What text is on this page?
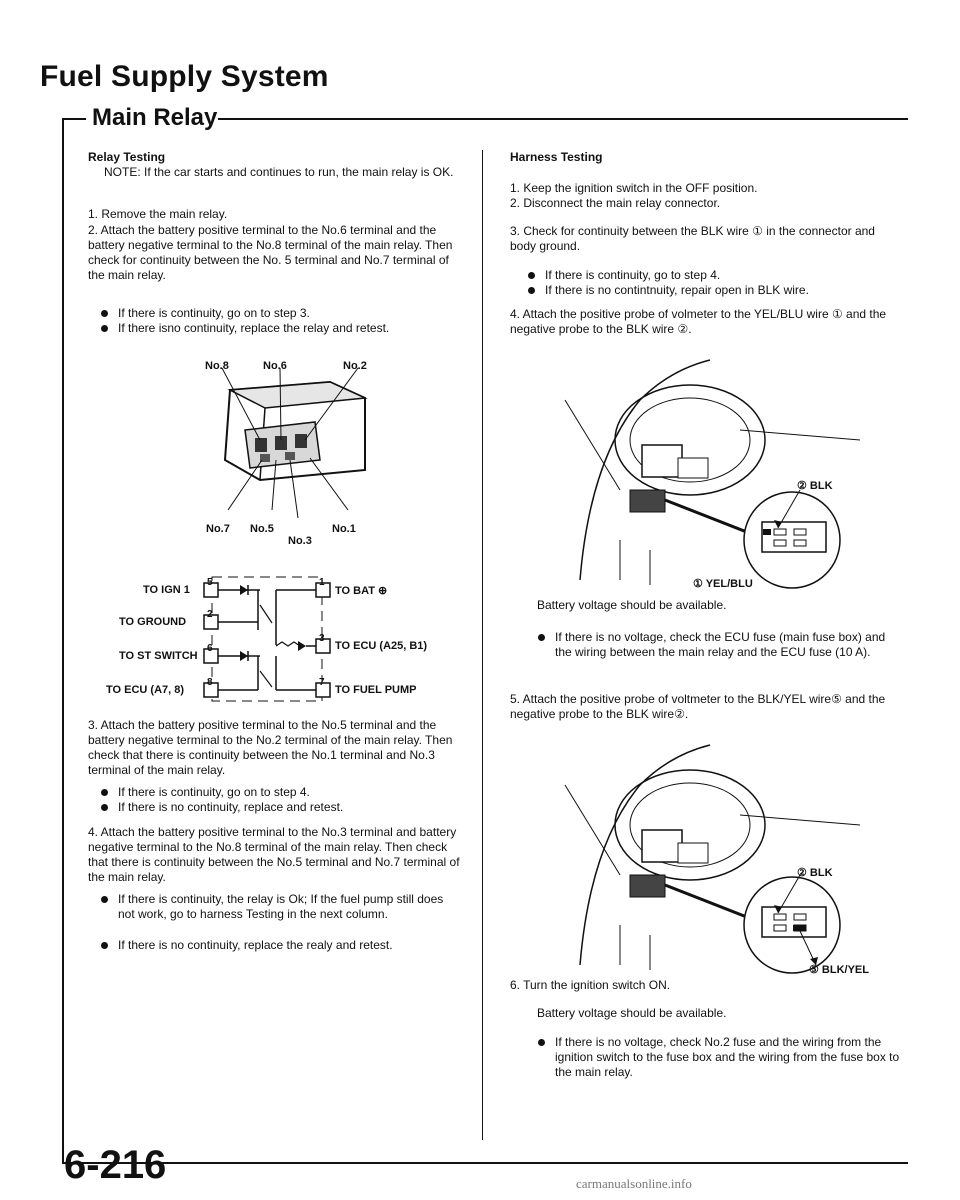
Fuel Supply System
Main Relay
Relay Testing
NOTE: If the car starts and continues to run, the main relay is OK.
1. Remove the main relay.
2. Attach the battery positive terminal to the No.6 terminal and the battery negative terminal to the No.8 terminal of the main relay. Then check for continuity between the No. 5 terminal and No.7 terminal of the main relay.
If there is continuity, go on to step 3.
If there isno continuity, replace the relay and retest.
No.8	No.6	No.2
No.7 No.5	No.1
No.3
5
2
6
8
1
3
7
TO IGN 1
TO GROUND
TO ST SWITCH
TO ECU (A7, 8)
TO BAT ⊕
TO ECU (A25, B1)
TO FUEL PUMP
3. Attach the battery positive terminal to the No.5 terminal and the battery negative terminal to the No.2 terminal of the main relay. Then check that there is continuity between the No.1 terminal and No.3 terminal of the main relay.
If there is continuity, go on to step 4.
If there is no continuity, replace and retest.
4. Attach the battery positive terminal to the No.3 terminal and battery negative terminal to the No.8 terminal of the main relay. Then check that there is continuity between the No.5 terminal and No.7 terminal of the main relay.
If there is continuity, the relay is Ok; If the fuel pump still does not work, go to harness Testing in the next column.
If there is no continuity, replace the realy and retest.
Harness Testing
1. Keep the ignition switch in the OFF position.
2. Disconnect the main relay connector.
3. Check for continuity between the BLK wire ① in the connector and body ground.
If there is continuity, go to step 4.
If there is no contintnuity, repair open in BLK wire.
4. Attach the positive probe of volmeter to the YEL/BLU wire ① and the negative probe to the BLK wire ②.
② BLK
① YEL/BLU
Battery voltage should be available.
If there is no voltage, check the ECU fuse (main fuse box) and the wiring between the main relay and the ECU fuse (10 A).
5. Attach the positive probe of voltmeter to the BLK/YEL wire⑤ and the negative probe to the BLK wire②.
② BLK
⑤ BLK/YEL
6. Turn the ignition switch ON.
Battery voltage should be available.
If there is no voltage, check No.2 fuse and the wiring from the ignition switch to the fuse box and the wiring from the fuse box to the main relay.
6-216	carmanualsonline.info
